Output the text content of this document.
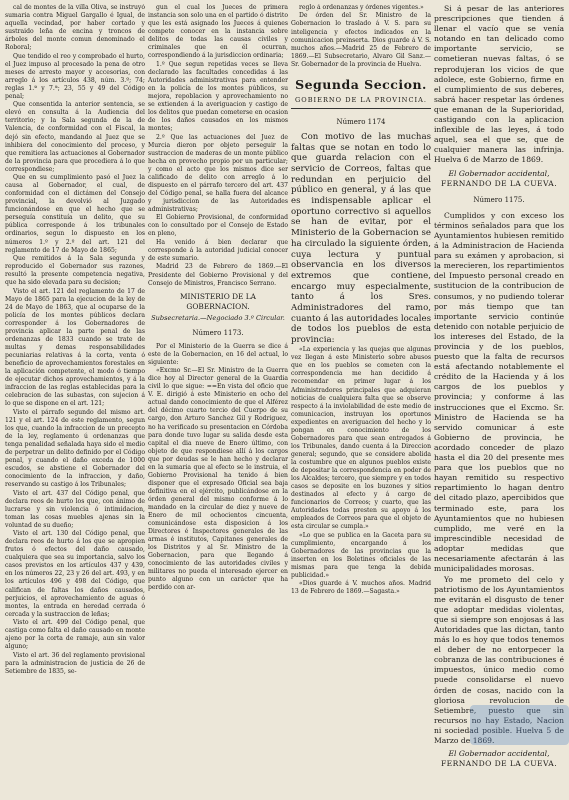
cal de montes de la villa Oliva, se instruyó sumaria contra Miguel Gargallo é Igual, de aquella vecindad, por haber cortado y sustraido leña de encina y troncos de árboles del monte comun denominado el Roboral;

Que tendido el reo y comprobado el hurto, el Juez impuso al procesado la pena de otro meses de arresto mayor y accesorias, con arreglo á los artículos 438, núm. 3.º; 74; reglas 1.ª y 7.ª; 23, 55 y 49 del Código penal;

Que consentida la anterior sentencia, se elevó en consulta á la Audiencia del territorio; y la Sala segunda de la de Valencia, de conformidad con el Fiscal, la dejó sin efecto, mandando al Juez que se inhibiera del conocimiento del proceso, y que remitiera las actuaciones al Gobernador de la provincia para que procediera á lo que correspondiese;

Que en su cumplimiento pasó el Juez la causa al Gobernador, el cual, de conformidad con el dictámen del Consejo provincial, la devolvió al Juzgado funcionándose en que el hecho que se perseguía constituía un delito, que su pública corresponde á los tribunales ordinarios, segun lo dispuesto en los números 1.º y 2.º del art. 121 del reglamento de 17 de Mayo de 1865;

Que remitidos á la Sala segunda y reproducido el Gobernador sus razones, resultó la presente competencia negativa, que ha sido elevada para su decision;

Visto el art. 121 del reglamento de 17 de Mayo de 1865 para la ejecucion de la ley de 24 de Mayo de 1863, que al ocuparse de la policía de los montes públicos declara corresponder á los Gobernadores de provincia aplicar la parte penal de las ordenanzas de 1833 cuando se trate de multas y demas responsabilidades pecuniarias relativas á la corta, venta ó beneficio de aprovechamientos forestales en la aplicación competente, el modo ó tiempo de ejecutar dichos aprovechamientos, y á la infraccion de las reglas establecidas para la celebracion de las subastas, con sujecion á lo que se dispone en el art. 121;

Visto el párrafo segundo del mismo art. 121 y el art. 124 de este reglamento, segun los que, cuando la infraccion de un precepto de la ley, reglamento ú ordenanzas que tenga penalidad señalada haya sido el medio de perpetrar un delito definido por el Código penal, y cuando el daño exceda de 1000 escudos, se abstiene el Gobernador del conocimiento de la infraccion, y daño, reservando su castigo á los Tribunales;

Visto el art. 437 del Código penal, que declara reos de hurto los que, con ánimo de lucrarse y sin violencia ó intimidacion, toman las cosas muebles ajenas sin la voluntad de su dueño;

Visto el art. 130 del Código penal, que declara reos de hurto á los que se apropien frutos ó efectos del daño causado, cualquiera que sea su importancia, salvo los casos previstos en los artículos 437 y 439, en los números 22, 23 y 26 del art. 493, y en los artículos 496 y 498 del Código, que califican de faltas los daños causados, perjuicios, el aprovechamiento de aguas ó montes, la entrada en heredad cerrada ó cercada y la sustraccion de leñas;

Visto el art. 499 del Código penal, que castiga como falta el daño causado en monte ajeno por la corta de ramaje, aun sin valor alguno;

Visto el art. 36 del reglamento provisional para la administracion de justicia de 26 de Setiembre de 1835, se-

gun el cual los Jueces de primera instancia son solo una en el partido ó distrito que les está asignado los Jueces á quienes compete conocer en la instancia sobre delitos de todas las causas civiles y criminales que en él ocurran, correspondiendo á la jurisdiccion ordinaria;

1.º Que segun repetidas veces se lleva declarado las facultades concedidas á las Autoridades administrativas para entender en la policía de los montes públicos, su mejora, repoblacion y aprovechamiento no se extienden á la averiguacion y castigo de los delitos que puedan cometerse en ocasion de los daños causados en los mismos montes;

2.º Que las actuaciones del Juez de Murcia dieron por objeto perseguir la sustraccion de maderas de un monte público hecha en provecho propio por un particular; y como el acto que los mismos dice ser calificado de delito con arreglo á lo dispuesto en el párrafo tercero del art. 437 del Código penal, se halla fuera del alcance y jurisdiccion de las Autoridades administrativas;

El Gobierno Provisional, de conformidad con lo consultado por el Consejo de Estado en pleno,

Ha venido á bien declarar que corresponde á la autoridad judicial conocer de este sumario.

Madrid 23 de Febrero de 1869.—El Presidente del Gobierno Provisional y del Consejo de Ministros, Francisco Serrano.

MINISTERIO DE LA GOBERNACION.
Subsecretaria.—Negociado 3.º Circular.
Número 1173.

Por el Ministerio de la Guerra se dice á este de la Gobernacion, en 16 del actual, lo siguiente:

«Excmo Sr.—El Sr. Ministro de la Guerra dice hoy al Director general de la Guardia civil lo que sigue: ==En vista del oficio que V. E. dirigió á este Ministerio en ocho del actual dando conocimiento de que el Alférez del décimo cuarto tercio del Cuerpo de su cargo, don Arturo Sanchez Gil y Rodriguez, no ha verificado su presentacion en Córdoba para donde tuvo lugar su salida desde esta capital el dia nueve de Enero último, con objeto de que respondiese allí á los cargos que por deudas se le han hecho y declarar en la sumaria que al efecto se le instruia, el Gobierno Provisional ha tenido á bien disponer que el expresado Oficial sea baja definitiva en el ejército, publicándose en la órden general del mismo conforme á lo mandado en la circular de diez y nueve de Enero de mil ochocientos cincuenta, comunicándose esta disposicion á los Directores é Inspectores generales de las armas é institutos, Capitanes generales de los Distritos y al Sr. Ministro de la Gobernacion, para que llegando á conocimiento de las autoridades civiles y militares no pueda el interesado ejercer en punto alguno con un carácter que ha perdido con ar-

reglo á ordenanzas y órdenes vigentes.»

De órden del Sr. Ministro de la Gobernacion lo traslado á V. S. para su inteligencia y efectos indicados en la comunicacion preinserta. Dios guarde á V. S. muchos años.—Madrid 25 de Febrero de 1869.—El Subsecretario, Alvaro Gil Sanz.—Sr. Gobernador de la provincia de Huelva.

Segunda Seccion.
GOBIERNO DE LA PROVINCIA.
Número 1174

Con motivo de las muchas faltas que se notan en todo lo que guarda relacion con el servicio de Correos, faltas que redundan en perjuicio del público en general, y á las que es indispensable aplicar el oportuno correctivo si aquellos se han de evitar, por el Ministerio de la Gobernacion se ha circulado la siguiente órden, cuya lectura y puntual observancia en los diversos extremos que contiene, encargo muy especialmente, tanto á los Sres. Administradores del ramo, cuanto á las autoridades locales de todos los pueblos de esta provincia:

«La experiencia y las quejas que algunas vez llegan á este Ministerio sobre abusos que en los pueblos se cometen con la correspondencia me han decidido á recomendar en primer lugar á los Administradores principales que adquieran noticias de cualquiera falta que se observe respecto á la inviolabilidad de este medio de comunicacion, instruyan los oportunos expedientes en averiguacion del hecho y lo pongan en conocimiento de los Gobernadores para que sean entregados á los Tribunales, dando cuenta á la Direccion general; segundo, que se considere abolida la costumbre que en algunos pueblos existe de depositar la correspondencia en poder de los Alcaldes; tercero, que siempre y en todos casos se deposite en los buzones y sitios destinados al efecto y á cargo de funcionarios de Correos; y cuarto, que las Autoridades todas presten su apoyo á los empleados de Correos para que el objeto de esta circular se cumpla.»

«Lo que se publica en la Gaceta para su cumplimiento, encargando á los Gobernadores de las provincias que la inserten en los Boletines oficiales de las mismas para que tenga la debida publicidad.»

«Dios guarde á V. muchos años. Madrid 13 de Febrero de 1869.—Sagasta.»

Si á pesar de las anteriores prescripciones que tienden á llenar el vacío que se venía notando en tan delicado como importante servicio, se cometieran nuevas faltas, ó se reprodujeran los vicios de que adolece, este Gobierno, firme en el cumplimiento de sus deberes, sabrá hacer respetar las órdenes que emanan de la Superioridad, castigando con la aplicacion inflexible de las leyes, á todo aquel, sea el que se, que de cualquier manera las infrinja. Huelva 6 de Marzo de 1869.

El Gobernador accidental,
FERNANDO DE LA CUEVA.
Número 1175.

Cumplidos y con exceso los términos señalados para que los Ayuntamientos hubiesen remitido á la Administracion de Hacienda para su exámen y aprobacion, si la merecieren, los repartimientos del Impuesto personal creado en sustitucion de la contribucion de consumos, y no pudiendo tolerar por más tiempo que tan importante servicio continúe detenido con notable perjuicio de los intereses del Estado, de la provincia y de los pueblos, puesto que la falta de recursos está afectando notablemente el crédito de la Hacienda y á los cargos de los pueblos y provincia; y conforme á las instrucciones que el Excmo. Sr. Ministro de Hacienda se ha servido comunicar á este Gobierno de provincia, he acordado conceder de plazo hasta el dia 20 del presente mes para que los pueblos que no hayan remitido su respectivo repartimiento lo hagan dentro del citado plazo, apercibidos que terminado este, para los Ayuntamientos que no hubiesen cumplido, me veré en la imprescindible necesidad de adoptar medidas que necesariamente afectarán á las municipalidades morosas.

Yo me prometo del celo y patriotismo de los Ayuntamientos me evitarán el disgusto de tener que adoptar medidas violentas, que si siempre son enojosas á las Autoridades que las dictan, tanto más lo es hoy que todos tenemos el deber de no entorpecer la cobranza de las contribuciones é impuestos, único medio como puede consolidarse el nuevo órden de cosas, nacido con la gloriosa revolucion de Setiembre, puesto que sin recursos no hay Estado, Nacion ni sociedad posible. Huelva 5 de Marzo de 1869.

El Gobernador accidental,
FERNANDO DE LA CUEVA.
